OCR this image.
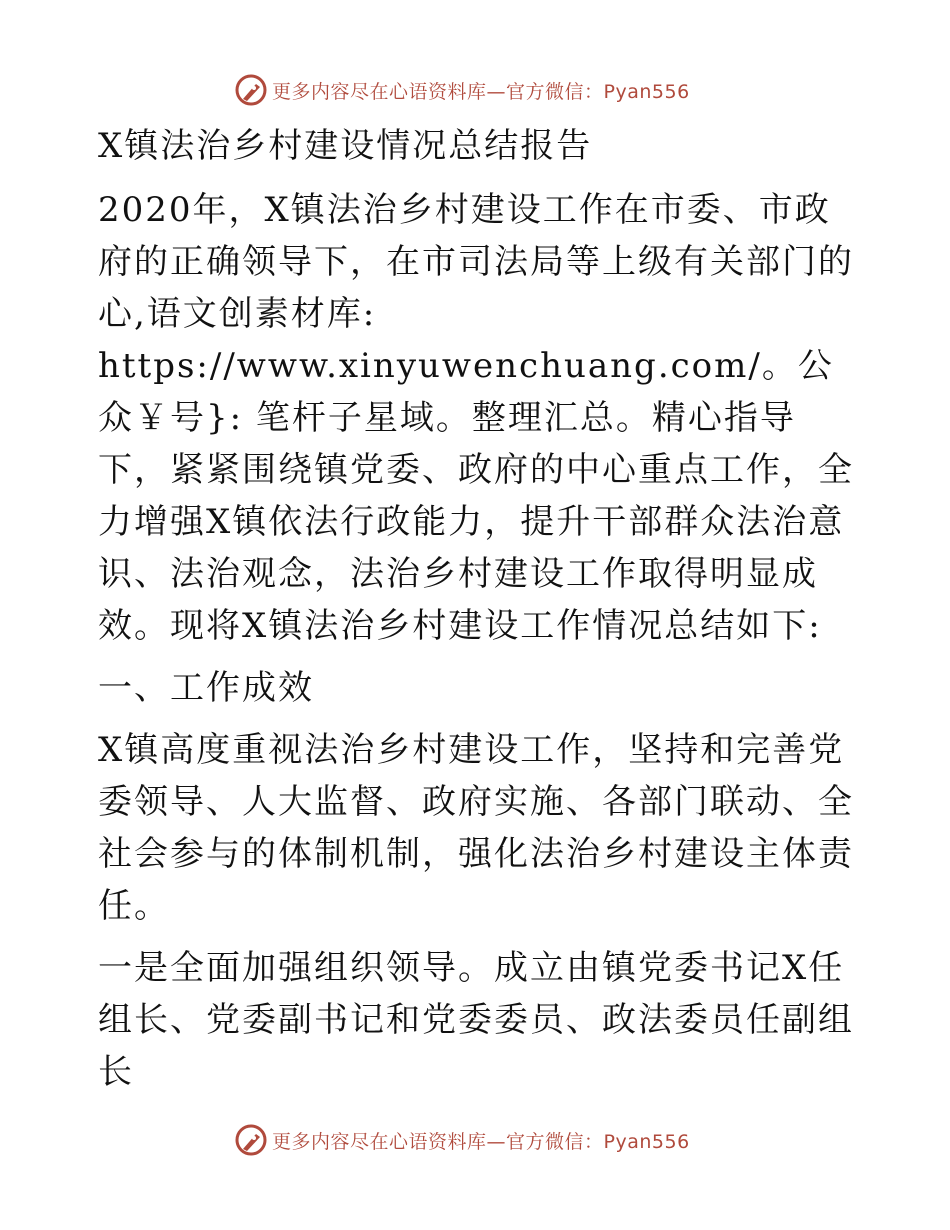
更多内容尽在心语资料库—官方微信：Pyan556

X镇法治乡村建设情况总结报告

2020年，X镇法治乡村建设工作在市委、市政府的正确领导下，在市司法局等上级有关部门的心,语文创素材库: https://www.xinyuwenchuang.com/。公众￥号}: 笔杆子星域。整理汇总。精心指导下，紧紧围绕镇党委、政府的中心重点工作，全力增强X镇依法行政能力，提升干部群众法治意识、法治观念，法治乡村建设工作取得明显成效。现将X镇法治乡村建设工作情况总结如下:

一、工作成效

X镇高度重视法治乡村建设工作，坚持和完善党委领导、人大监督、政府实施、各部门联动、全社会参与的体制机制，强化法治乡村建设主体责任。

一是全面加强组织领导。成立由镇党委书记X任组长、党委副书记和党委委员、政法委员任副组长

更多内容尽在心语资料库—官方微信：Pyan556
